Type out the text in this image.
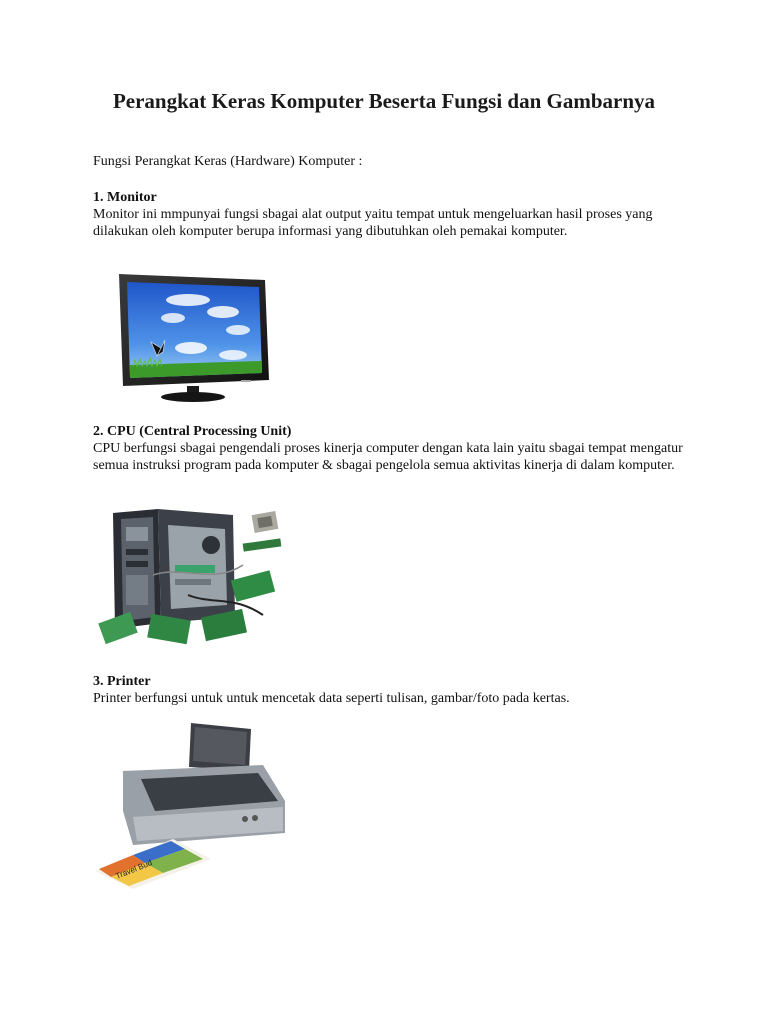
Perangkat Keras Komputer Beserta Fungsi dan Gambarnya
Fungsi Perangkat Keras (Hardware) Komputer :
1. Monitor

Monitor ini mmpunyai fungsi sbagai alat output yaitu tempat untuk mengeluarkan hasil proses yang dilakukan oleh komputer berupa informasi yang dibutuhkan oleh pemakai komputer.

2. CPU (Central Processing Unit)

CPU berfungsi sbagai pengendali proses kinerja computer dengan kata lain yaitu sbagai tempat mengatur semua instruksi program pada komputer & sbagai pengelola semua aktivitas kinerja di dalam komputer.

3. Printer

Printer berfungsi untuk untuk mencetak data seperti tulisan, gambar/foto pada kertas.

Travel Bud
